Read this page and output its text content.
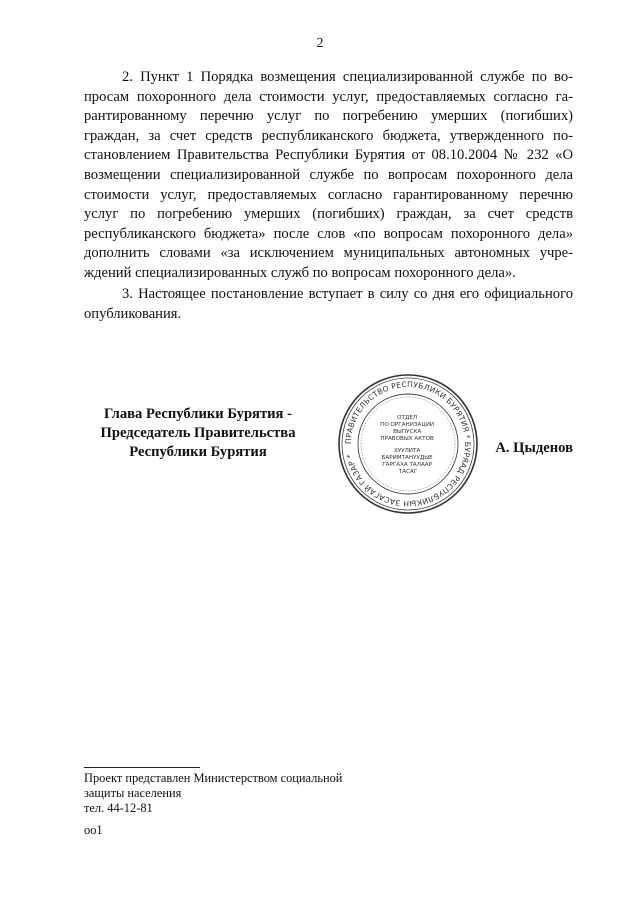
2

2. Пункт 1 Порядка возмещения специализированной службе по вопросам похоронного дела стоимости услуг, предоставляемых согласно гарантированному перечню услуг по погребению умерших (погибших) граждан, за счет средств республиканского бюджета, утвержденного постановлением Правительства Республики Бурятия от 08.10.2004 № 232 «О возмещении специализированной службе по вопросам похоронного дела стоимости услуг, предоставляемых согласно гарантированному перечню услуг по погребению умерших (погибших) граждан, за счет средств республиканского бюджета» после слов «по вопросам похоронного дела» дополнить словами «за исключением муниципальных автономных учреждений специализированных служб по вопросам похоронного дела».

3. Настоящее постановление вступает в силу со дня его официального опубликования.

Глава Республики Бурятия -
Председатель Правительства
Республики Бурятия
ПРАВИТЕЛЬСТВО РЕСПУБЛИКИ БУРЯТИЯ * БУРЯАД РЕСПУБЛИКЫН ЗАСАГАЙ ГАЗАР *
ОТДЕЛ ПО ОРГАНИЗАЦИИ ВЫПУСКА ПРАВОВЫХ АКТОВ ХУУЛИТА БАРИМТАНУУДЫЕ ГАРГАХА ТАЛААР ТАСАГ
А. Цыденов
Проект представлен Министерством социальной
защиты населения
тел. 44-12-81
оо1
